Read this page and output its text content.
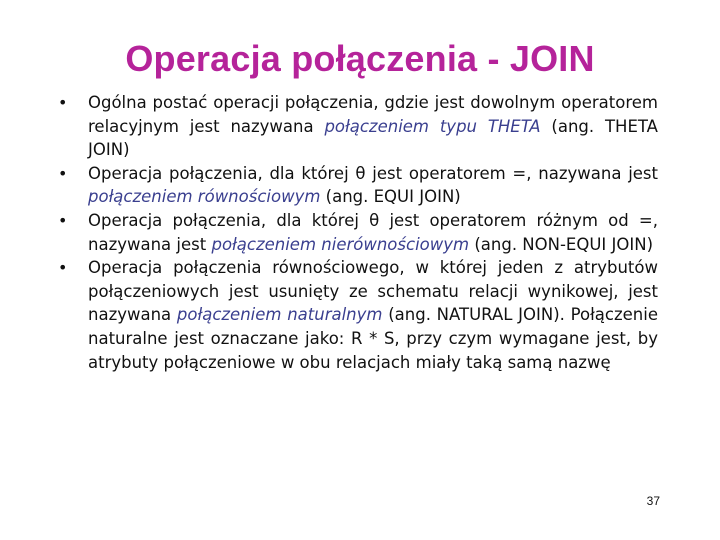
Operacja połączenia - JOIN
•	Ogólna postać operacji połączenia, gdzie jest dowolnym operatorem relacyjnym jest nazywana połączeniem typu THETA (ang. THETA JOIN)
•	Operacja połączenia, dla której θ jest operatorem =, nazywana jest połączeniem równościowym (ang. EQUI JOIN)
•	Operacja połączenia, dla której θ jest operatorem różnym od =, nazywana jest połączeniem nierównościowym (ang. NON-EQUI JOIN)
•	Operacja połączenia równościowego, w której jeden z atrybutów połączeniowych jest usunięty ze schematu relacji wynikowej, jest nazywana połączeniem naturalnym (ang. NATURAL JOIN). Połączenie naturalne jest oznaczane jako: R * S, przy czym wymagane jest, by atrybuty połączeniowe w obu relacjach miały taką samą nazwę
37
